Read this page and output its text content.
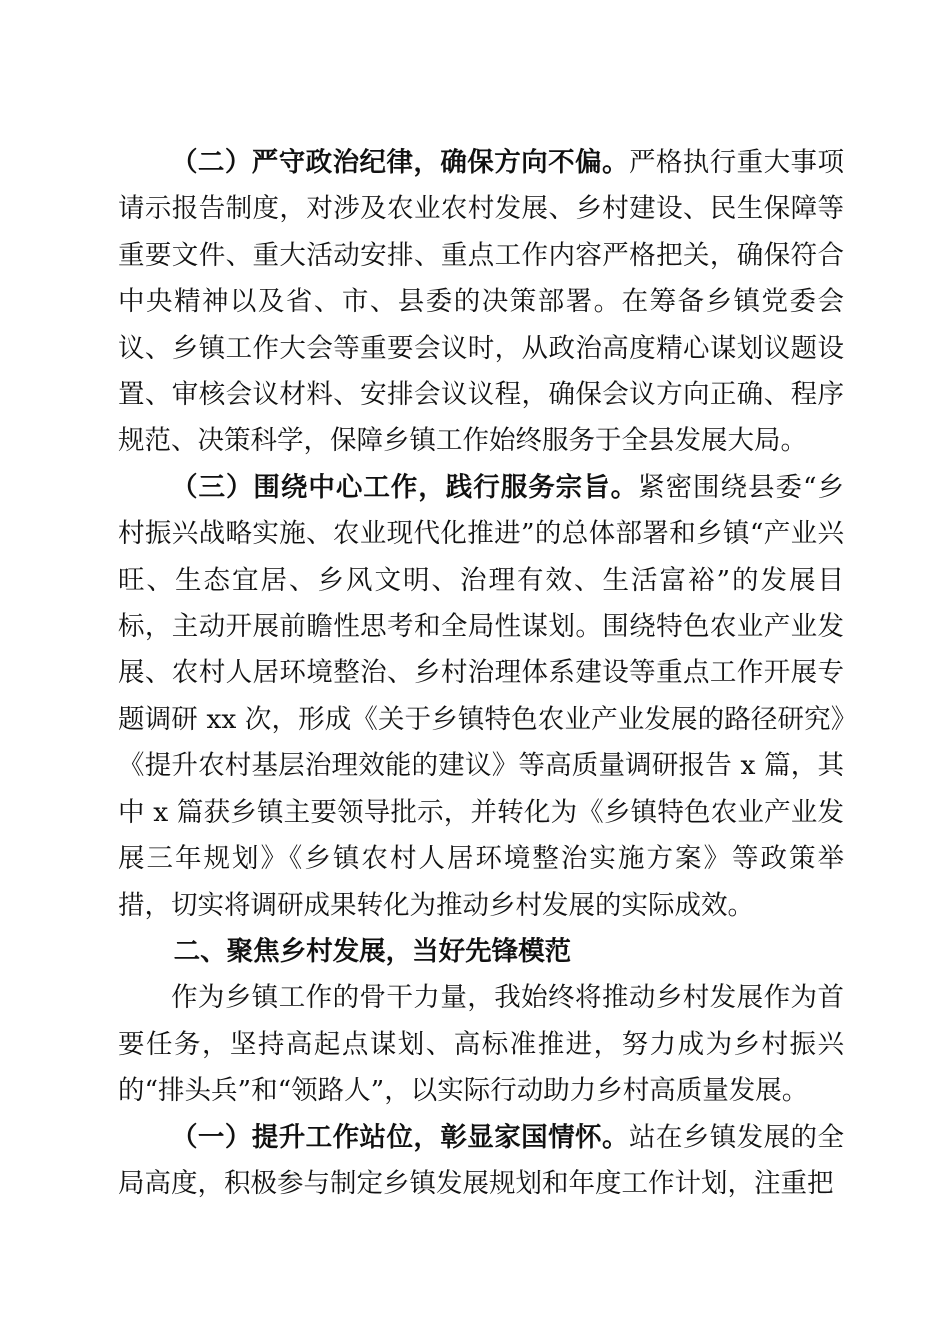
（二）严守政治纪律，确保方向不偏。严格执行重大事项请示报告制度，对涉及农业农村发展、乡村建设、民生保障等重要文件、重大活动安排、重点工作内容严格把关，确保符合中央精神以及省、市、县委的决策部署。在筹备乡镇党委会议、乡镇工作大会等重要会议时，从政治高度精心谋划议题设置、审核会议材料、安排会议议程，确保会议方向正确、程序规范、决策科学，保障乡镇工作始终服务于全县发展大局。

（三）围绕中心工作，践行服务宗旨。紧密围绕县委“乡村振兴战略实施、农业现代化推进”的总体部署和乡镇“产业兴旺、生态宜居、乡风文明、治理有效、生活富裕”的发展目标，主动开展前瞻性思考和全局性谋划。围绕特色农业产业发展、农村人居环境整治、乡村治理体系建设等重点工作开展专题调研 xx 次，形成《关于乡镇特色农业产业发展的路径研究》《提升农村基层治理效能的建议》等高质量调研报告 x 篇，其中 x 篇获乡镇主要领导批示，并转化为《乡镇特色农业产业发展三年规划》《乡镇农村人居环境整治实施方案》等政策举措，切实将调研成果转化为推动乡村发展的实际成效。

二、聚焦乡村发展，当好先锋模范

作为乡镇工作的骨干力量，我始终将推动乡村发展作为首要任务，坚持高起点谋划、高标准推进，努力成为乡村振兴的“排头兵”和“领路人”，以实际行动助力乡村高质量发展。

（一）提升工作站位，彰显家国情怀。站在乡镇发展的全局高度，积极参与制定乡镇发展规划和年度工作计划，注重把
